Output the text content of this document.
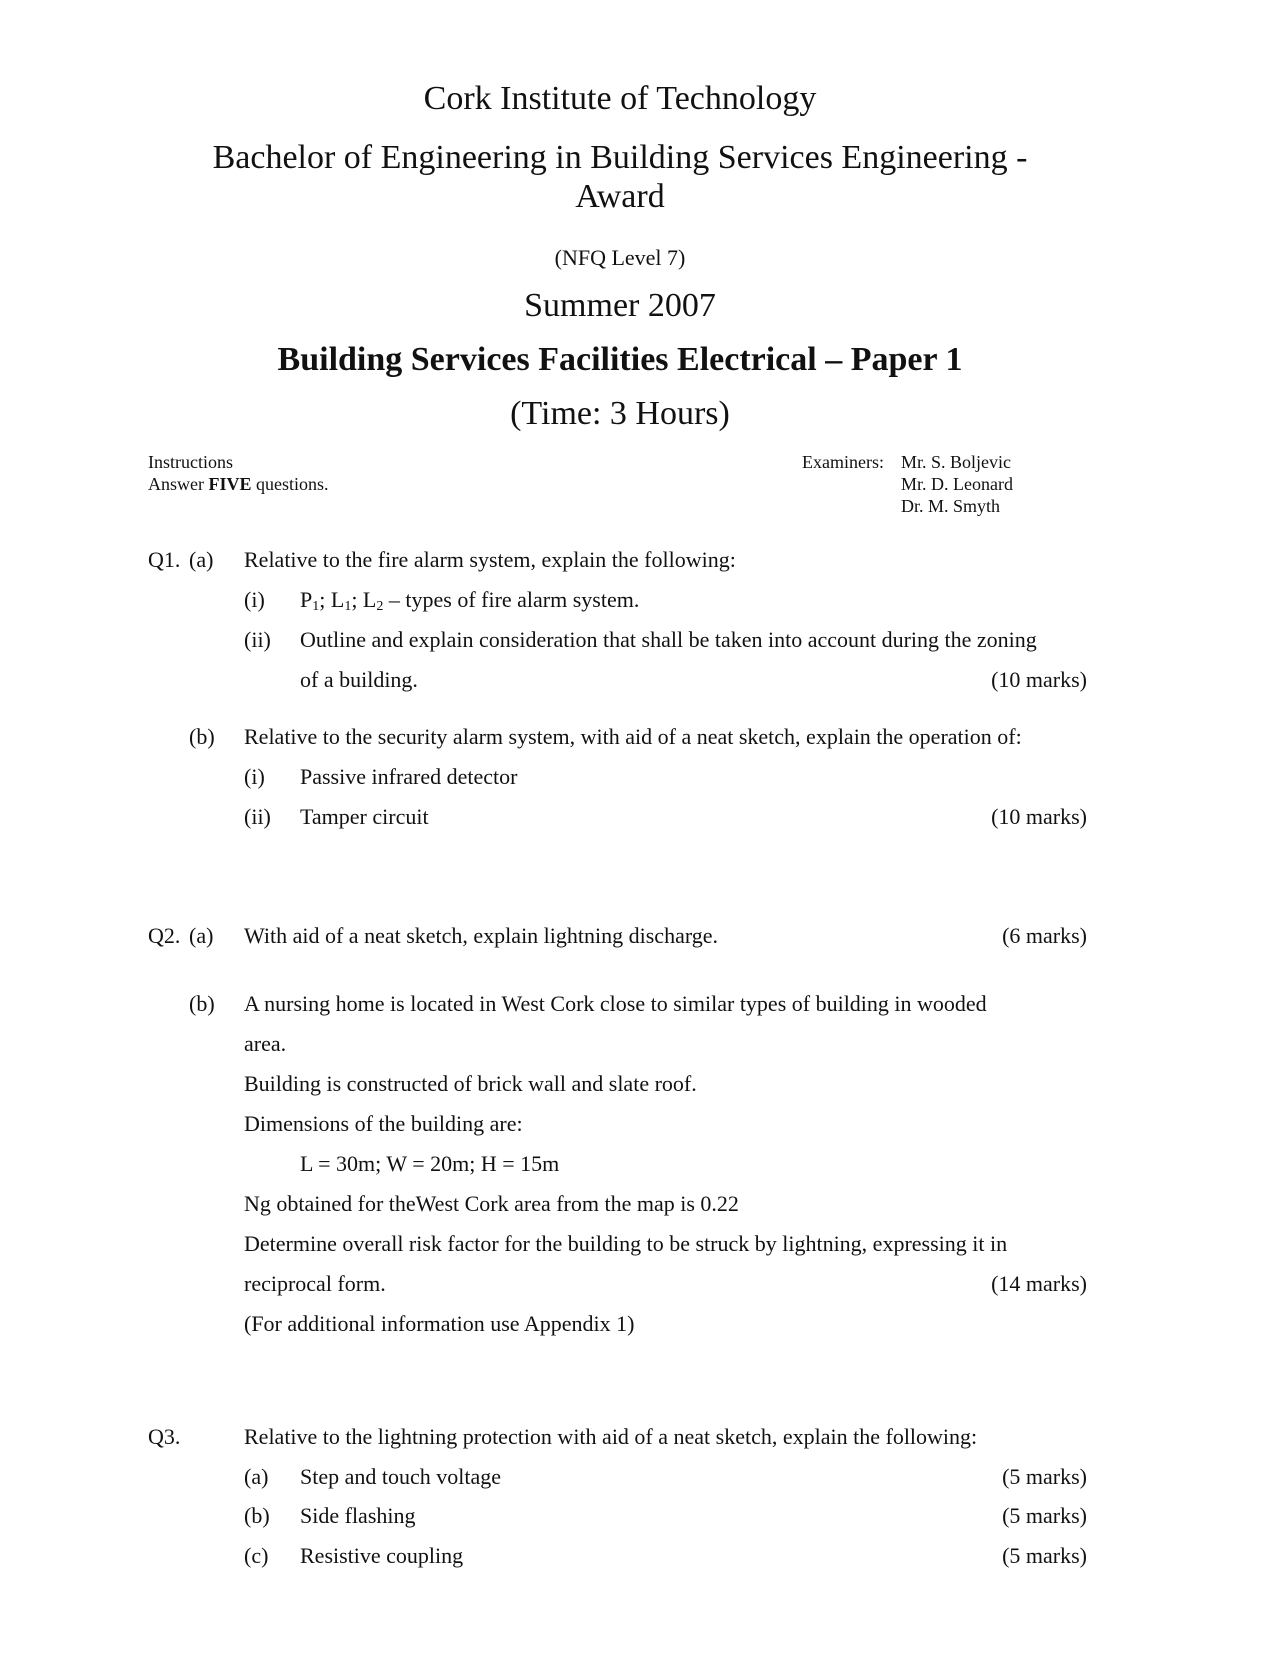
Cork Institute of Technology
Bachelor of Engineering in Building Services Engineering -
Award
(NFQ Level 7)
Summer 2007
Building Services Facilities Electrical – Paper 1
(Time: 3 Hours)
Instructions
Answer FIVE questions.
Examiners: Mr. S. Boljevic
Mr. D. Leonard
Dr. M. Smyth
Q1. (a) Relative to the fire alarm system, explain the following:
(i) $P_1$; $L_1$; $L_2$ – types of fire alarm system.
(ii) Outline and explain consideration that shall be taken into account during the zoning
of a building.	(10 marks)
(b) Relative to the security alarm system, with aid of a neat sketch, explain the operation of:
(i) Passive infrared detector
(ii) Tamper circuit	(10 marks)
Q2. (a) With aid of a neat sketch, explain lightning discharge.	(6 marks)
(b) A nursing home is located in West Cork close to similar types of building in wooded
area.
Building is constructed of brick wall and slate roof.
Dimensions of the building are:
L = 30m; W = 20m; H = 15m
Ng obtained for theWest Cork area from the map is 0.22
Determine overall risk factor for the building to be struck by lightning, expressing it in
reciprocal form.	(14 marks)
(For additional information use Appendix 1)
Q3.	Relative to the lightning protection with aid of a neat sketch, explain the following:
(a) Step and touch voltage	(5 marks)
(b) Side flashing	(5 marks)
(c) Resistive coupling	(5 marks)
